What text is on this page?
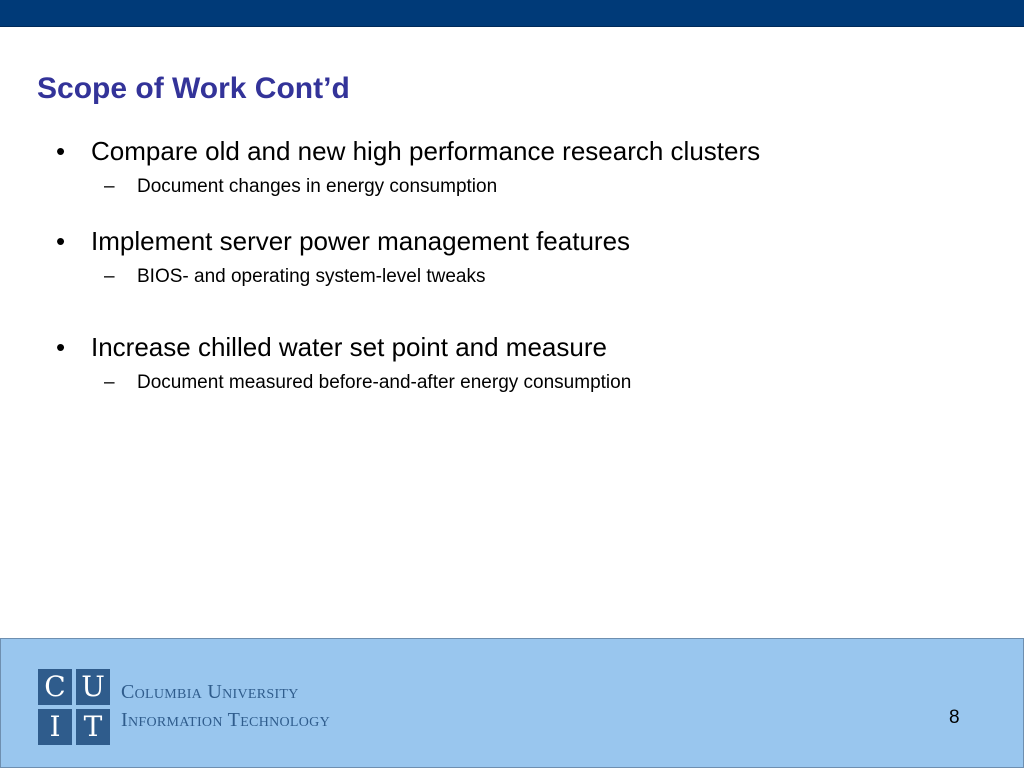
Scope of Work Cont’d
• Compare old and new high performance research clusters
– Document changes in energy consumption
• Implement server power management features
– BIOS- and operating system-level tweaks
• Increase chilled water set point and measure
– Document measured before-and-after energy consumption
C U
I T
Columbia University
Information Technology	8
